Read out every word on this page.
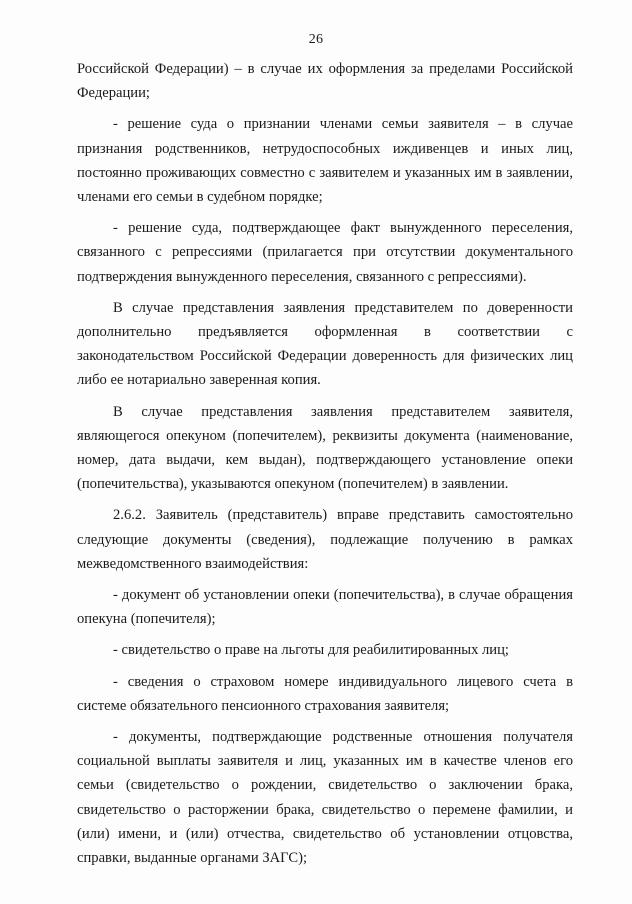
26

Российской Федерации) – в случае их оформления за пределами Российской Федерации;

- решение суда о признании членами семьи заявителя – в случае признания родственников, нетрудоспособных иждивенцев и иных лиц, постоянно проживающих совместно с заявителем и указанных им в заявлении, членами его семьи в судебном порядке;

- решение суда, подтверждающее факт вынужденного переселения, связанного с репрессиями (прилагается при отсутствии документального подтверждения вынужденного переселения, связанного с репрессиями).

В случае представления заявления представителем по доверенности дополнительно предъявляется оформленная в соответствии с законодательством Российской Федерации доверенность для физических лиц либо ее нотариально заверенная копия.

В случае представления заявления представителем заявителя, являющегося опекуном (попечителем), реквизиты документа (наименование, номер, дата выдачи, кем выдан), подтверждающего установление опеки (попечительства), указываются опекуном (попечителем) в заявлении.

2.6.2. Заявитель (представитель) вправе представить самостоятельно следующие документы (сведения), подлежащие получению в рамках межведомственного взаимодействия:

- документ об установлении опеки (попечительства), в случае обращения опекуна (попечителя);

- свидетельство о праве на льготы для реабилитированных лиц;

- сведения о страховом номере индивидуального лицевого счета в системе обязательного пенсионного страхования заявителя;

- документы, подтверждающие родственные отношения получателя социальной выплаты заявителя и лиц, указанных им в качестве членов его семьи (свидетельство о рождении, свидетельство о заключении брака, свидетельство о расторжении брака, свидетельство о перемене фамилии, и (или) имени, и (или) отчества, свидетельство об установлении отцовства, справки, выданные органами ЗАГС);
